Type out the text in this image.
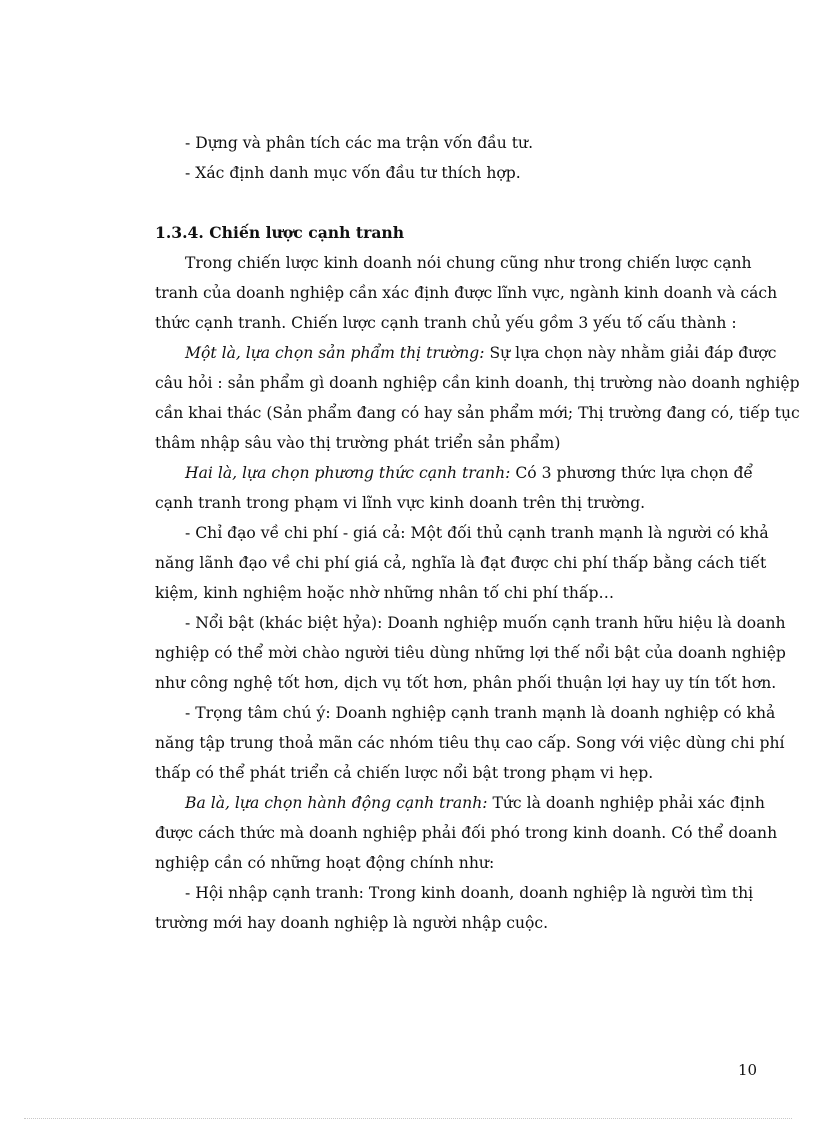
- Dựng và phân tích các ma trận vốn đầu tư.
- Xác định danh mục vốn đầu tư thích hợp.
1.3.4. Chiến lược cạnh tranh
Trong chiến lược kinh doanh nói chung cũng như trong chiến lược cạnh
tranh của doanh nghiệp cần xác định được lĩnh vực, ngành kinh doanh và cách
thức cạnh tranh. Chiến lược cạnh tranh chủ yếu gồm 3 yếu tố cấu thành :
Một là, lựa chọn sản phẩm thị trường: Sự lựa chọn này nhằm giải đáp được
câu hỏi : sản phẩm gì doanh nghiệp cần kinh doanh, thị trường nào doanh nghiệp
cần khai thác (Sản phẩm đang có hay sản phẩm mới; Thị trường đang có, tiếp tục
thâm nhập sâu vào thị trường phát triển sản phẩm)
Hai là, lựa chọn phương thức cạnh tranh: Có 3 phương thức lựa chọn để
cạnh tranh trong phạm vi lĩnh vực kinh doanh trên thị trường.
- Chỉ đạo về chi phí - giá cả: Một đối thủ cạnh tranh mạnh là người có khả
năng lãnh đạo về chi phí giá cả, nghĩa là đạt được chi phí thấp bằng cách tiết
kiệm, kinh nghiệm hoặc nhờ những nhân tố chi phí thấp…
- Nổi bật (khác biệt hỷa): Doanh nghiệp muốn cạnh tranh hữu hiệu là doanh
nghiệp có thể mời chào người tiêu dùng những lợi thế nổi bật của doanh nghiệp
như công nghệ tốt hơn, dịch vụ tốt hơn, phân phối thuận lợi hay uy tín tốt hơn.
- Trọng tâm chú ý: Doanh nghiệp cạnh tranh mạnh là doanh nghiệp có khả
năng tập trung thoả mãn các nhóm tiêu thụ cao cấp. Song với việc dùng chi phí
thấp có thể phát triển cả chiến lược nổi bật trong phạm vi hẹp.
Ba là, lựa chọn hành động cạnh tranh: Tức là doanh nghiệp phải xác định
được cách thức mà doanh nghiệp phải đối phó trong kinh doanh. Có thể doanh
nghiệp cần có những hoạt động chính như:
- Hội nhập cạnh tranh: Trong kinh doanh, doanh nghiệp là người tìm thị
trường mới hay doanh nghiệp là người nhập cuộc.
10
